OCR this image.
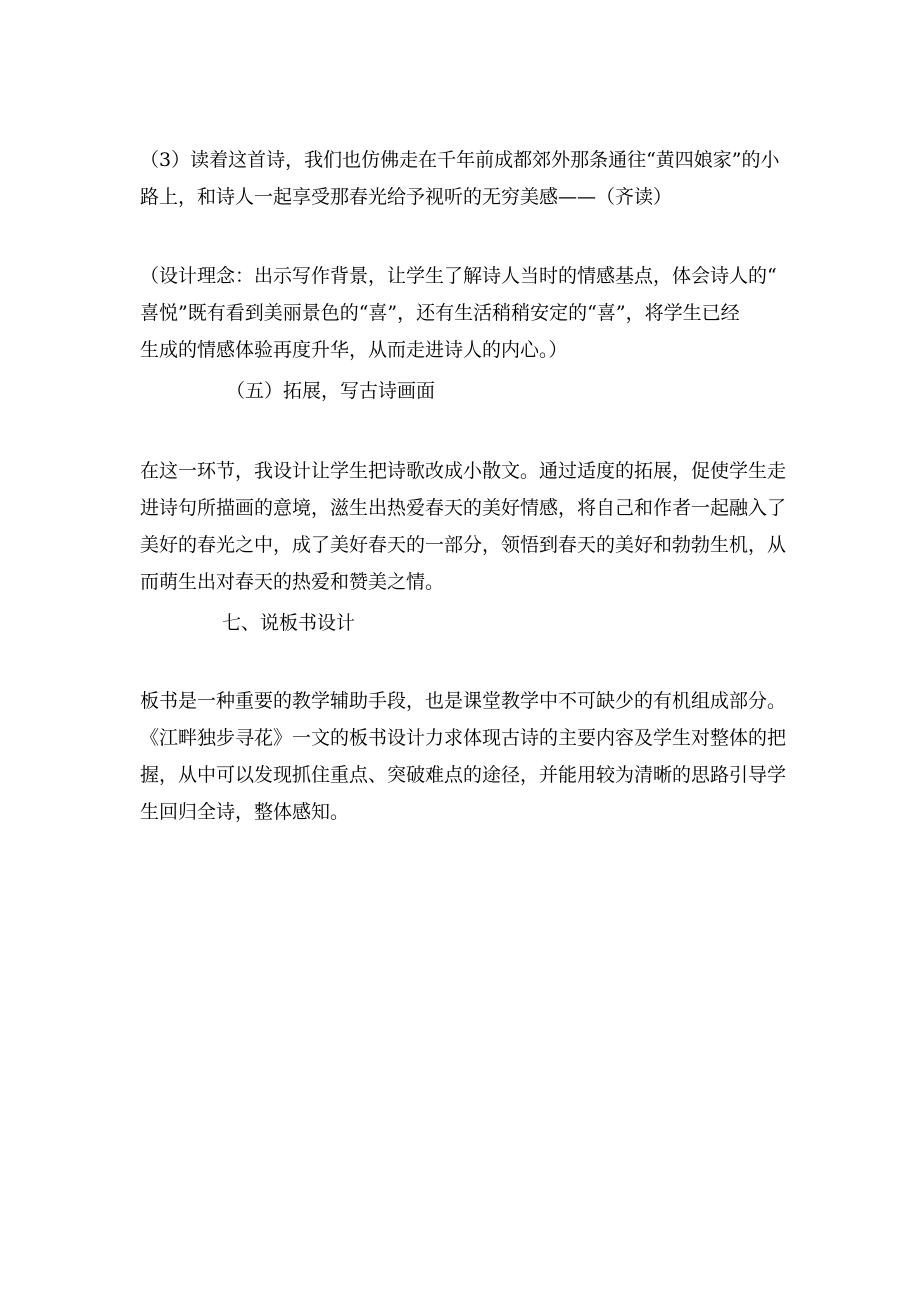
（3）读着这首诗，我们也仿佛走在千年前成都郊外那条通往“黄四娘家”的小
路上，和诗人一起享受那春光给予视听的无穷美感——（齐读）

（设计理念：出示写作背景，让学生了解诗人当时的情感基点，体会诗人的“
喜悦”既有看到美丽景色的“喜”，还有生活稍稍安定的“喜”，将学生已经
生成的情感体验再度升华，从而走进诗人的内心。）

（五）拓展，写古诗画面

在这一环节，我设计让学生把诗歌改成小散文。通过适度的拓展，促使学生走
进诗句所描画的意境，滋生出热爱春天的美好情感，将自己和作者一起融入了
美好的春光之中，成了美好春天的一部分，领悟到春天的美好和勃勃生机，从
而萌生出对春天的热爱和赞美之情。

七、说板书设计

板书是一种重要的教学辅助手段，也是课堂教学中不可缺少的有机组成部分。
《江畔独步寻花》一文的板书设计力求体现古诗的主要内容及学生对整体的把
握，从中可以发现抓住重点、突破难点的途径，并能用较为清晰的思路引导学
生回归全诗，整体感知。
